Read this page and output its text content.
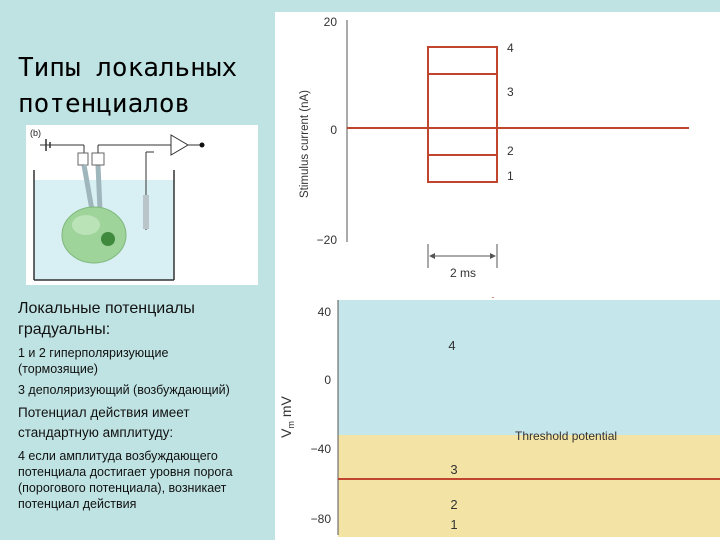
Типы локальных
потенциалов
(b)
Локальные потенциалы
градуальны:
1 и 2 гиперполяризующие
(тормозящие)
3 деполяризующий (возбуждающий)
Потенциал действия имеет
стандартную амплитуду:
4 если амплитуда возбуждающего
потенциала достигает уровня порога
(порогового потенциала), возникает
потенциал действия
Stimulus current (nA)
20
0
−20
4
3
2
1
2 ms
$V_m$ mV
40
0
−40
−80
Threshold potential
4
3
2
1
